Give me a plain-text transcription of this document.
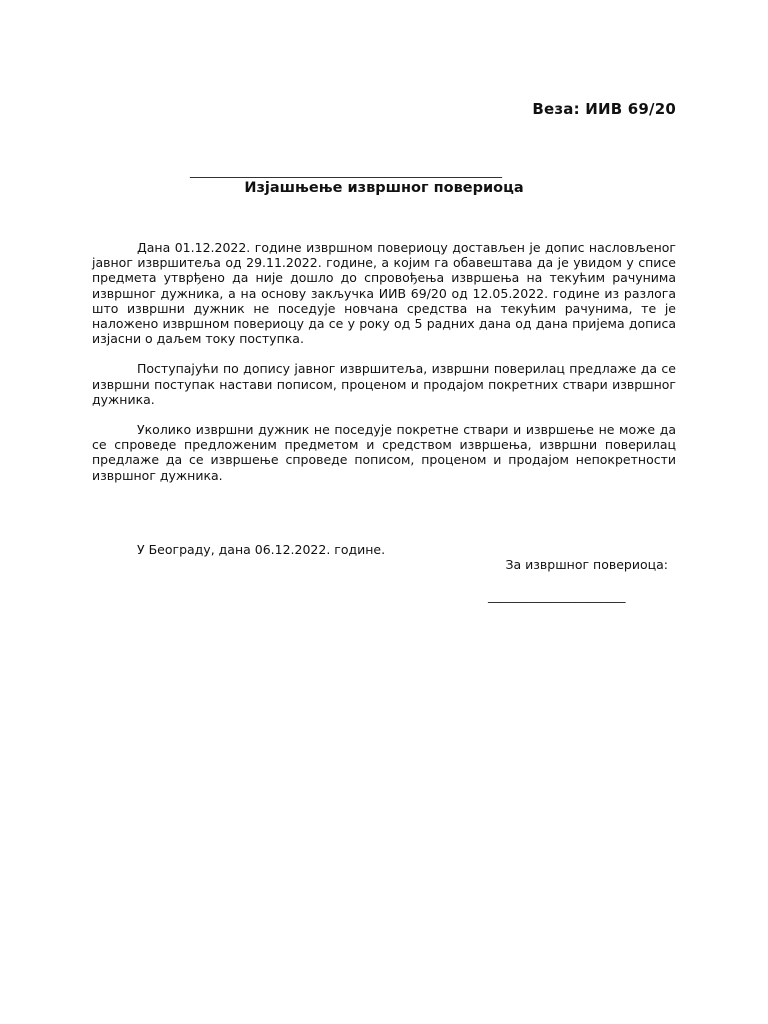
Веза: ИИВ 69/20
________________________________________________
Изјашњење извршног повериоца

Дана 01.12.2022. године извршном повериоцу достављен је допис насловљеног јавног извршитеља од 29.11.2022. године, а којим га обавештава да је увидом у списе предмета утврђено да није дошло до спровођења извршења на текућим рачунима извршног дужника, а на основу закључка ИИВ 69/20 од 12.05.2022. године из разлога што извршни дужник не поседује новчана средства на текућим рачунима, те је наложено извршном повериоцу да се у року од 5 радних дана од дана пријема дописа изјасни о даљем току поступка.

Поступајући по допису јавног извршитеља, извршни поверилац предлаже да се извршни поступак настави пописом, проценом и продајом покретних ствари извршног дужника.

Уколико извршни дужник не поседује покретне ствари и извршење не може да се спроведе предложеним предметом и средством извршења, извршни поверилац предлаже да се извршење спроведе пописом, проценом и продајом непокретности извршног дужника.

У Београду, дана 06.12.2022. године.
За извршног повериоца:
______________________
